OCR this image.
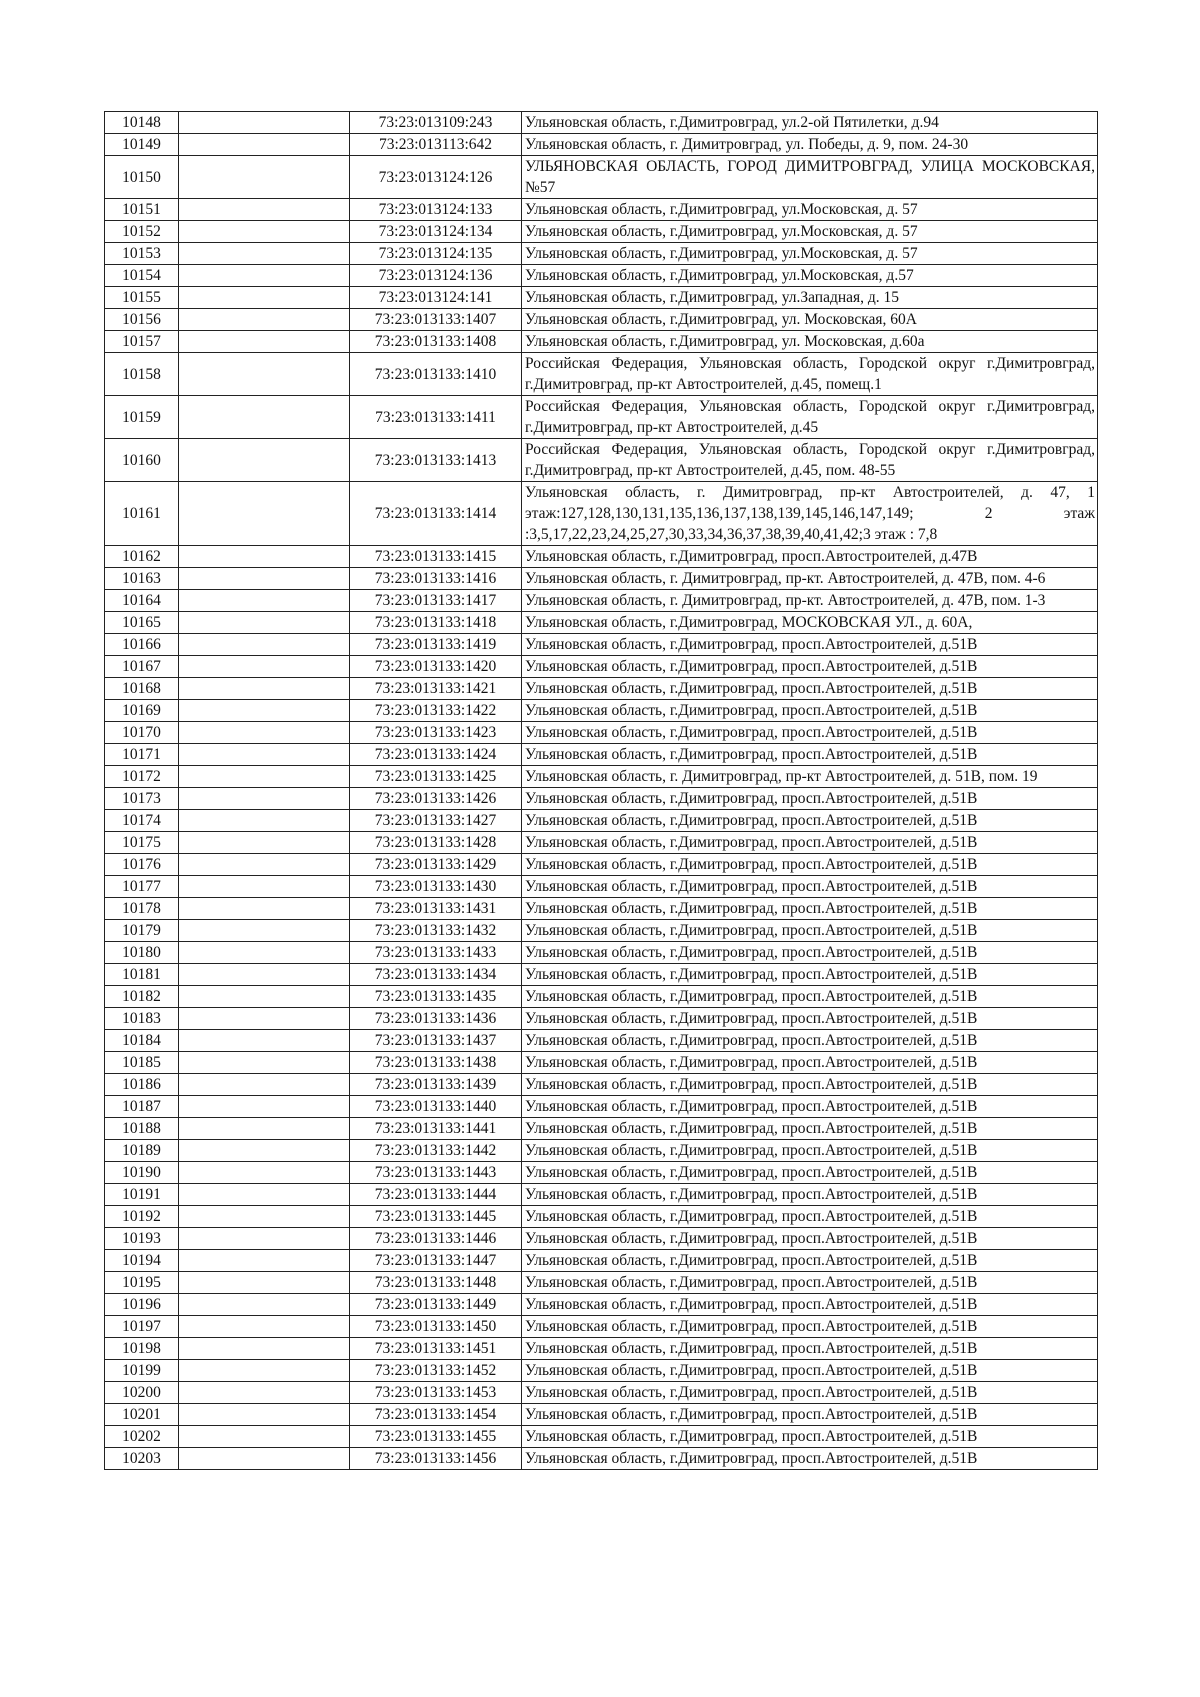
10148		73:23:013109:243	Ульяновская область, г.Димитровград, ул.2-ой Пятилетки, д.94
10149		73:23:013113:642	Ульяновская область, г. Димитровград, ул. Победы, д. 9, пом. 24-30
10150		73:23:013124:126	УЛЬЯНОВСКАЯ ОБЛАСТЬ, ГОРОД ДИМИТРОВГРАД, УЛИЦА МОСКОВСКАЯ, №57
10151		73:23:013124:133	Ульяновская область, г.Димитровград, ул.Московская, д. 57
10152		73:23:013124:134	Ульяновская область, г.Димитровград, ул.Московская, д. 57
10153		73:23:013124:135	Ульяновская область, г.Димитровград, ул.Московская, д. 57
10154		73:23:013124:136	Ульяновская область, г.Димитровград, ул.Московская, д.57
10155		73:23:013124:141	Ульяновская область, г.Димитровград, ул.Западная, д. 15
10156		73:23:013133:1407	Ульяновская область, г.Димитровград, ул. Московская, 60А
10157		73:23:013133:1408	Ульяновская область, г.Димитровград, ул. Московская, д.60а
10158		73:23:013133:1410	Российская Федерация, Ульяновская область, Городской округ г.Димитровград, г.Димитровград, пр-кт Автостроителей, д.45, помещ.1
10159		73:23:013133:1411	Российская Федерация, Ульяновская область, Городской округ г.Димитровград, г.Димитровград, пр-кт Автостроителей, д.45
10160		73:23:013133:1413	Российская Федерация, Ульяновская область, Городской округ г.Димитровград, г.Димитровград, пр-кт Автостроителей, д.45, пом. 48-55
10161		73:23:013133:1414	Ульяновская область, г. Димитровград, пр-кт Автостроителей, д. 47, 1 этаж:127,128,130,131,135,136,137,138,139,145,146,147,149; 2 этаж :3,5,17,22,23,24,25,27,30,33,34,36,37,38,39,40,41,42;3 этаж : 7,8
10162		73:23:013133:1415	Ульяновская область, г.Димитровград, просп.Автостроителей, д.47В
10163		73:23:013133:1416	Ульяновская область, г. Димитровград, пр-кт. Автостроителей, д. 47В, пом. 4-6
10164		73:23:013133:1417	Ульяновская область, г. Димитровград, пр-кт. Автостроителей, д. 47В, пом. 1-3
10165		73:23:013133:1418	Ульяновская область, г.Димитровград, МОСКОВСКАЯ УЛ., д. 60А,
10166		73:23:013133:1419	Ульяновская область, г.Димитровград, просп.Автостроителей, д.51В
10167		73:23:013133:1420	Ульяновская область, г.Димитровград, просп.Автостроителей, д.51В
10168		73:23:013133:1421	Ульяновская область, г.Димитровград, просп.Автостроителей, д.51В
10169		73:23:013133:1422	Ульяновская область, г.Димитровград, просп.Автостроителей, д.51В
10170		73:23:013133:1423	Ульяновская область, г.Димитровград, просп.Автостроителей, д.51В
10171		73:23:013133:1424	Ульяновская область, г.Димитровград, просп.Автостроителей, д.51В
10172		73:23:013133:1425	Ульяновская область, г. Димитровград, пр-кт Автостроителей, д. 51В, пом. 19
10173		73:23:013133:1426	Ульяновская область, г.Димитровград, просп.Автостроителей, д.51В
10174		73:23:013133:1427	Ульяновская область, г.Димитровград, просп.Автостроителей, д.51В
10175		73:23:013133:1428	Ульяновская область, г.Димитровград, просп.Автостроителей, д.51В
10176		73:23:013133:1429	Ульяновская область, г.Димитровград, просп.Автостроителей, д.51В
10177		73:23:013133:1430	Ульяновская область, г.Димитровград, просп.Автостроителей, д.51В
10178		73:23:013133:1431	Ульяновская область, г.Димитровград, просп.Автостроителей, д.51В
10179		73:23:013133:1432	Ульяновская область, г.Димитровград, просп.Автостроителей, д.51В
10180		73:23:013133:1433	Ульяновская область, г.Димитровград, просп.Автостроителей, д.51В
10181		73:23:013133:1434	Ульяновская область, г.Димитровград, просп.Автостроителей, д.51В
10182		73:23:013133:1435	Ульяновская область, г.Димитровград, просп.Автостроителей, д.51В
10183		73:23:013133:1436	Ульяновская область, г.Димитровград, просп.Автостроителей, д.51В
10184		73:23:013133:1437	Ульяновская область, г.Димитровград, просп.Автостроителей, д.51В
10185		73:23:013133:1438	Ульяновская область, г.Димитровград, просп.Автостроителей, д.51В
10186		73:23:013133:1439	Ульяновская область, г.Димитровград, просп.Автостроителей, д.51В
10187		73:23:013133:1440	Ульяновская область, г.Димитровград, просп.Автостроителей, д.51В
10188		73:23:013133:1441	Ульяновская область, г.Димитровград, просп.Автостроителей, д.51В
10189		73:23:013133:1442	Ульяновская область, г.Димитровград, просп.Автостроителей, д.51В
10190		73:23:013133:1443	Ульяновская область, г.Димитровград, просп.Автостроителей, д.51В
10191		73:23:013133:1444	Ульяновская область, г.Димитровград, просп.Автостроителей, д.51В
10192		73:23:013133:1445	Ульяновская область, г.Димитровград, просп.Автостроителей, д.51В
10193		73:23:013133:1446	Ульяновская область, г.Димитровград, просп.Автостроителей, д.51В
10194		73:23:013133:1447	Ульяновская область, г.Димитровград, просп.Автостроителей, д.51В
10195		73:23:013133:1448	Ульяновская область, г.Димитровград, просп.Автостроителей, д.51В
10196		73:23:013133:1449	Ульяновская область, г.Димитровград, просп.Автостроителей, д.51В
10197		73:23:013133:1450	Ульяновская область, г.Димитровград, просп.Автостроителей, д.51В
10198		73:23:013133:1451	Ульяновская область, г.Димитровград, просп.Автостроителей, д.51В
10199		73:23:013133:1452	Ульяновская область, г.Димитровград, просп.Автостроителей, д.51В
10200		73:23:013133:1453	Ульяновская область, г.Димитровград, просп.Автостроителей, д.51В
10201		73:23:013133:1454	Ульяновская область, г.Димитровград, просп.Автостроителей, д.51В
10202		73:23:013133:1455	Ульяновская область, г.Димитровград, просп.Автостроителей, д.51В
10203		73:23:013133:1456	Ульяновская область, г.Димитровград, просп.Автостроителей, д.51В
